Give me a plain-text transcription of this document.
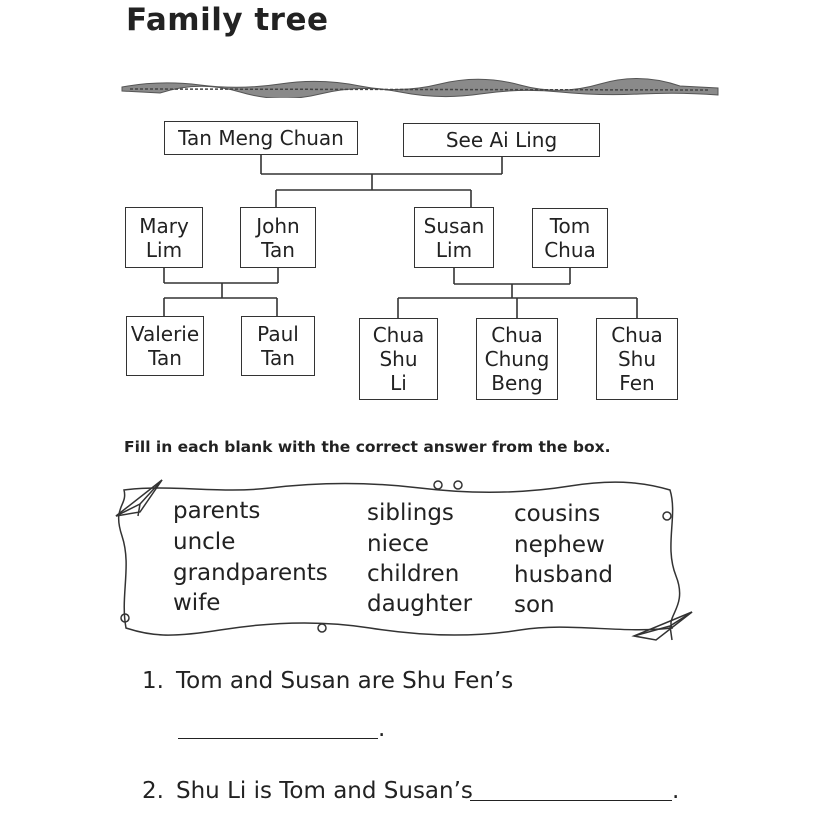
Family tree
Tan Meng Chuan	See Ai Ling
Mary
Lim
John
Tan
Susan
Lim
Tom
Chua
Valerie
Tan
Paul
Tan
Chua
Shu
Li
Chua
Chung
Beng
Chua
Shu
Fen

Fill in each blank with the correct answer from the box.

parents
uncle
grandparents
wife
siblings
niece
children
daughter
cousins
nephew
husband
son
1. Tom and Susan are Shu Fen’s
.
2. Shu Li is Tom and Susan’s	.
